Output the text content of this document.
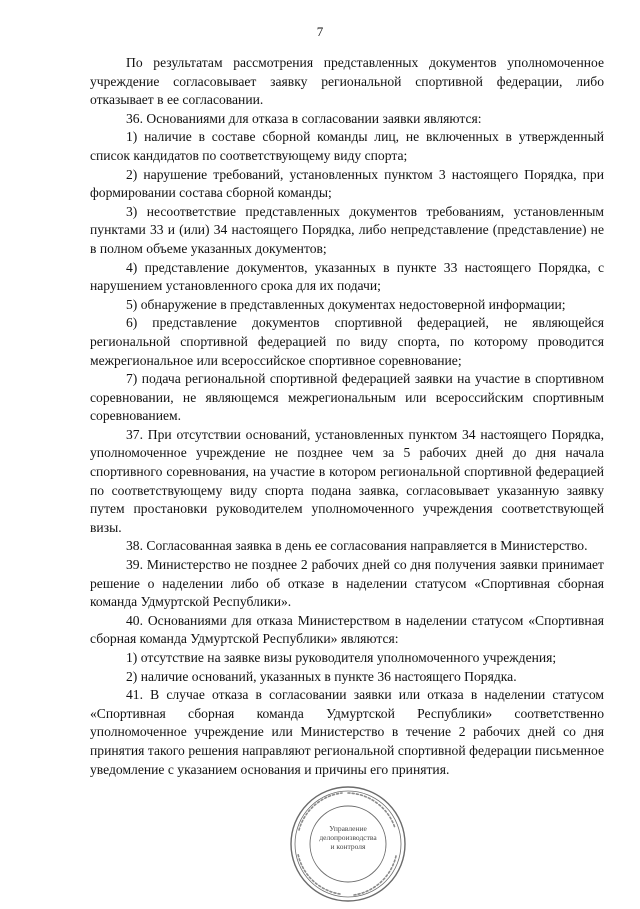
7

По результатам рассмотрения представленных документов уполномоченное учреждение согласовывает заявку региональной спортивной федерации, либо отказывает в ее согласовании.

36. Основаниями для отказа в согласовании заявки являются:

1) наличие в составе сборной команды лиц, не включенных в утвержденный список кандидатов по соответствующему виду спорта;

2) нарушение требований, установленных пунктом 3 настоящего Порядка, при формировании состава сборной команды;

3) несоответствие представленных документов требованиям, установленным пунктами 33 и (или) 34 настоящего Порядка, либо непредставление (представление) не в полном объеме указанных документов;

4) представление документов, указанных в пункте 33 настоящего Порядка, с нарушением установленного срока для их подачи;

5) обнаружение в представленных документах недостоверной информации;

6) представление документов спортивной федерацией, не являющейся региональной спортивной федерацией по виду спорта, по которому проводится межрегиональное или всероссийское спортивное соревнование;

7) подача региональной спортивной федерацией заявки на участие в спортивном соревновании, не являющемся межрегиональным или всероссийским спортивным соревнованием.

37. При отсутствии оснований, установленных пунктом 34 настоящего Порядка, уполномоченное учреждение не позднее чем за 5 рабочих дней до дня начала спортивного соревнования, на участие в котором региональной спортивной федерацией по соответствующему виду спорта подана заявка, согласовывает указанную заявку путем простановки руководителем уполномоченного учреждения соответствующей визы.

38. Согласованная заявка в день ее согласования направляется в Министерство.

39. Министерство не позднее 2 рабочих дней со дня получения заявки принимает решение о наделении либо об отказе в наделении статусом «Спортивная сборная команда Удмуртской Республики».

40. Основаниями для отказа Министерством в наделении статусом «Спортивная сборная команда Удмуртской Республики» являются:

1) отсутствие на заявке визы руководителя уполномоченного учреждения;

2) наличие оснований, указанных в пункте 36 настоящего Порядка.

41. В случае отказа в согласовании заявки или отказа в наделении статусом «Спортивная сборная команда Удмуртской Республики» соответственно уполномоченное учреждение или Министерство в течение 2 рабочих дней со дня принятия такого решения направляют региональной спортивной федерации письменное уведомление с указанием основания и причины его принятия.

Управление
делопроизводства
и контроля
